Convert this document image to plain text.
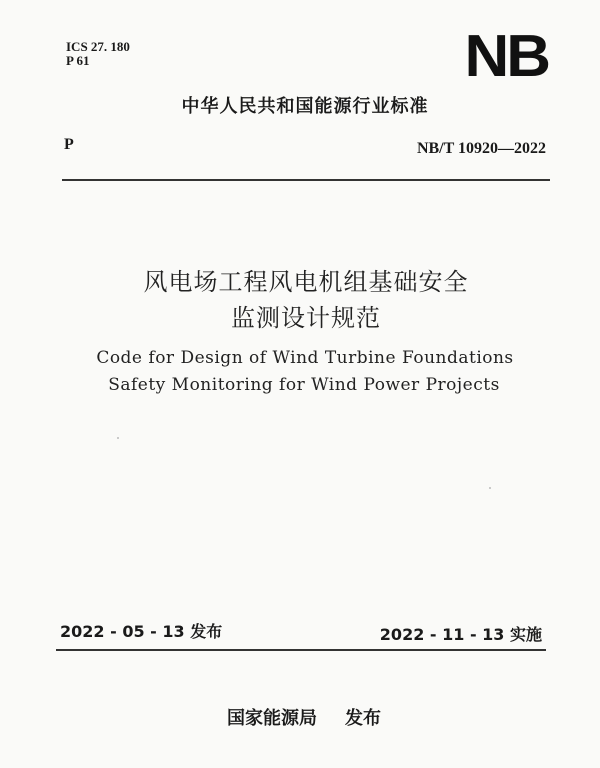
ICS 27. 180
P 61	NB
中华人民共和国能源行业标准
P	NB/T 10920—2022
风电场工程风电机组基础安全
监测设计规范
Code for Design of Wind Turbine Foundations
Safety Monitoring for Wind Power Projects
2022 - 05 - 13 发布	2022 - 11 - 13 实施
国家能源局 发布
